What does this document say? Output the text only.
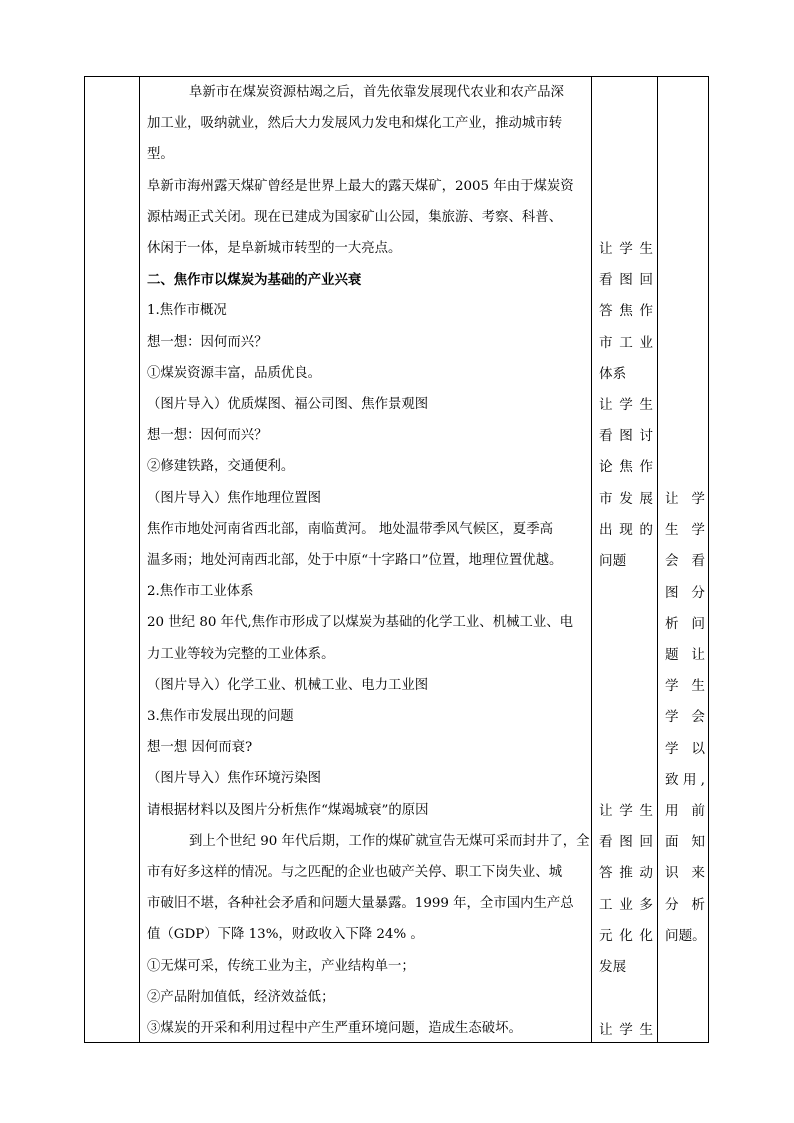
阜新市在煤炭资源枯竭之后，首先依靠发展现代农业和农产品深
加工业，吸纳就业，然后大力发展风力发电和煤化工产业，推动城市转
型。
阜新市海州露天煤矿曾经是世界上最大的露天煤矿，2005 年由于煤炭资
源枯竭正式关闭。现在已建成为国家矿山公园，集旅游、考察、科普、
休闲于一体，是阜新城市转型的一大亮点。
二、焦作市以煤炭为基础的产业兴衰
1.焦作市概况
想一想：因何而兴？
①煤炭资源丰富，品质优良。
（图片导入）优质煤图、福公司图、焦作景观图
想一想：因何而兴？
②修建铁路，交通便利。
（图片导入）焦作地理位置图
焦作市地处河南省西北部，南临黄河。 地处温带季风气候区，夏季高
温多雨；地处河南西北部，处于中原“十字路口”位置，地理位置优越。
2.焦作市工业体系
20 世纪 80 年代,焦作市形成了以煤炭为基础的化学工业、机械工业、电
力工业等较为完整的工业体系。
（图片导入）化学工业、机械工业、电力工业图
3.焦作市发展出现的问题
想一想 因何而衰?
（图片导入）焦作环境污染图
请根据材料以及图片分析焦作“煤竭城衰”的原因
到上个世纪 90 年代后期，工作的煤矿就宣告无煤可采而封井了，全
市有好多这样的情况。与之匹配的企业也破产关停、职工下岗失业、城
市破旧不堪，各种社会矛盾和问题大量暴露。1999 年，全市国内生产总
值（GDP）下降 13%，财政收入下降 24% 。
①无煤可采，传统工业为主，产业结构单一；
②产品附加值低，经济效益低；
③煤炭的开采和利用过程中产生严重环境问题，造成生态破坏。
让学生
看图回
答焦作
市工业
体系
让学生
看图讨
论焦作
市发展
出现的
问题
让学生
看图回
答推动
工业多
元化化
发展
让学生
让学
生学
会看
图分
析问
题让
学生
学会
学以
致用,
用前
面知
识来
分析
问题。
